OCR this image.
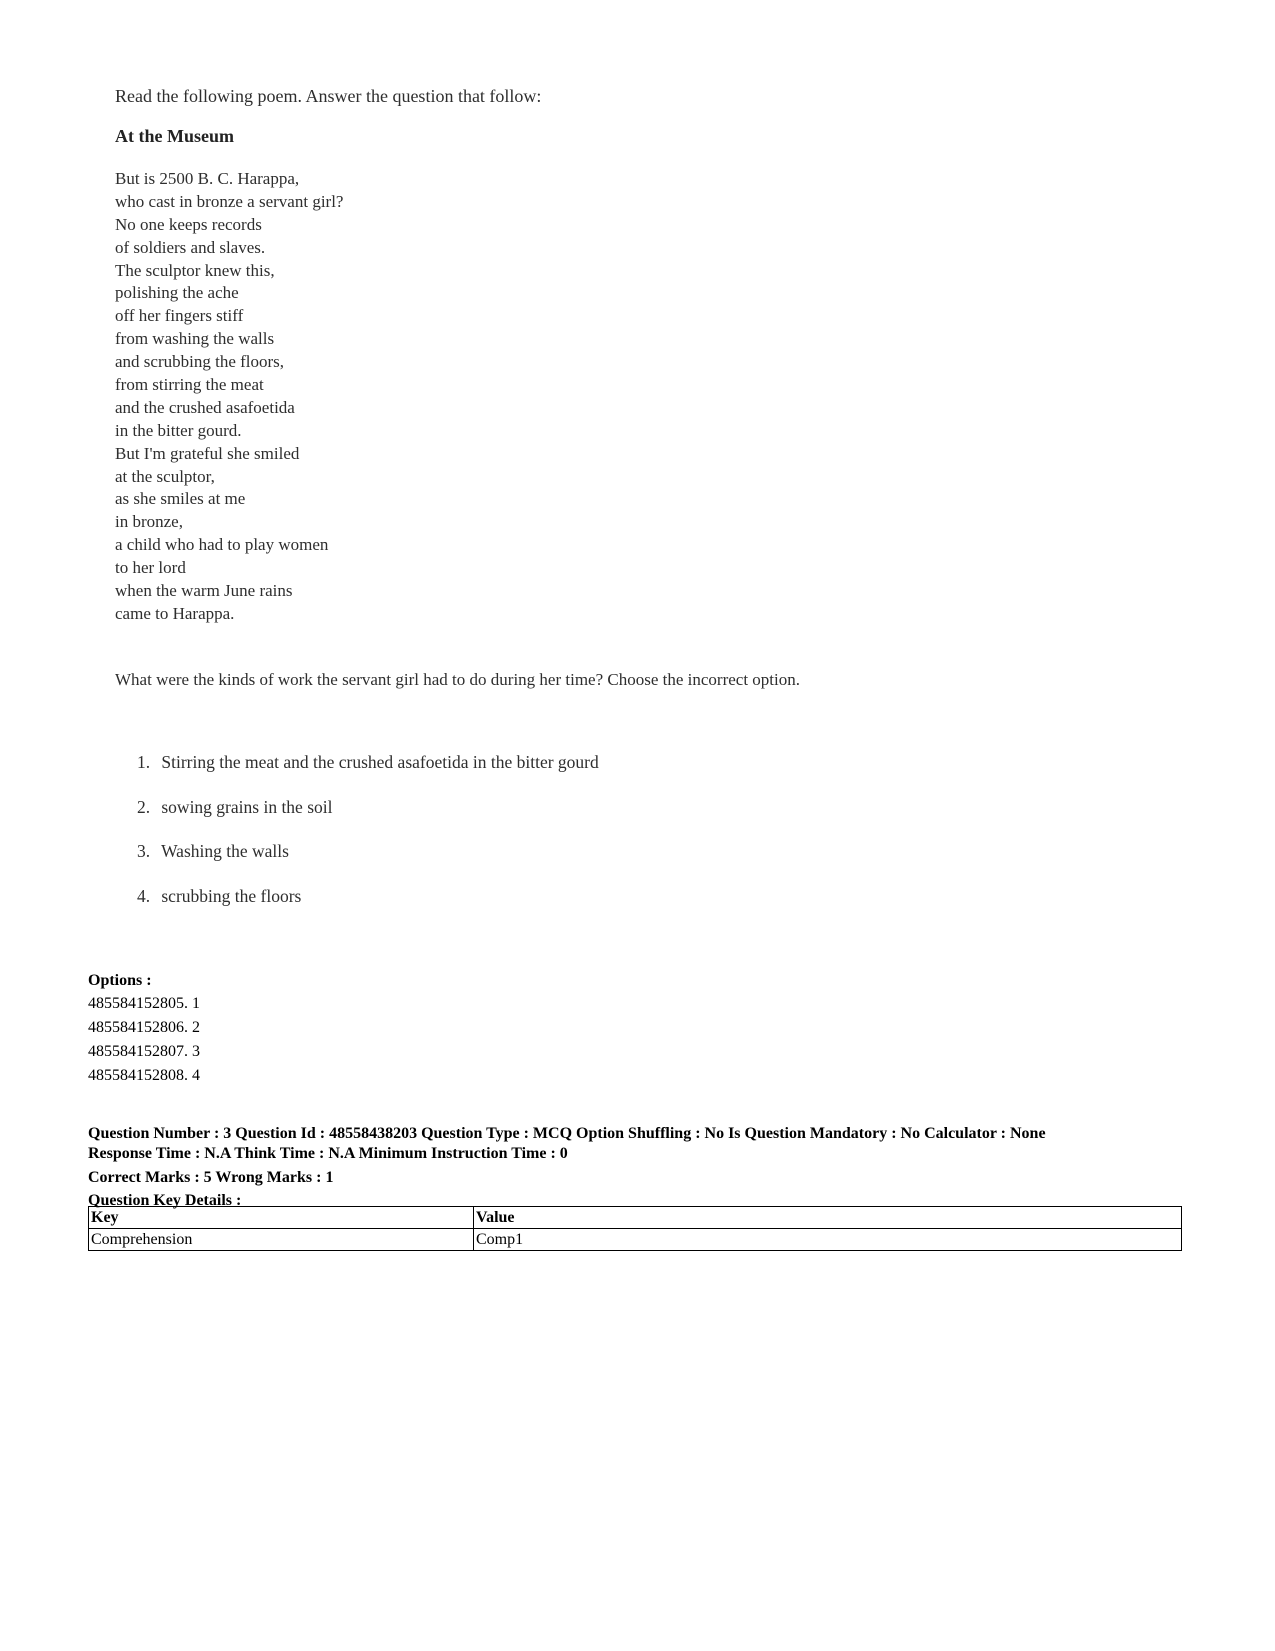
Read the following poem. Answer the question that follow:
At the Museum
But is 2500 B. C. Harappa,
who cast in bronze a servant girl?
No one keeps records
of soldiers and slaves.
The sculptor knew this,
polishing the ache
off her fingers stiff
from washing the walls
and scrubbing the floors,
from stirring the meat
and the crushed asafoetida
in the bitter gourd.
But I'm grateful she smiled
at the sculptor,
as she smiles at me
in bronze,
a child who had to play women
to her lord
when the warm June rains
came to Harappa.
What were the kinds of work the servant girl had to do during her time? Choose the incorrect option.
1. Stirring the meat and the crushed asafoetida in the bitter gourd
2. sowing grains in the soil
3. Washing the walls
4. scrubbing the floors
Options :
485584152805. 1
485584152806. 2
485584152807. 3
485584152808. 4
Question Number : 3 Question Id : 48558438203 Question Type : MCQ Option Shuffling : No Is Question Mandatory : No Calculator : None
Response Time : N.A Think Time : N.A Minimum Instruction Time : 0
Correct Marks : 5 Wrong Marks : 1
Question Key Details :
Key	Value
Comprehension	Comp1
